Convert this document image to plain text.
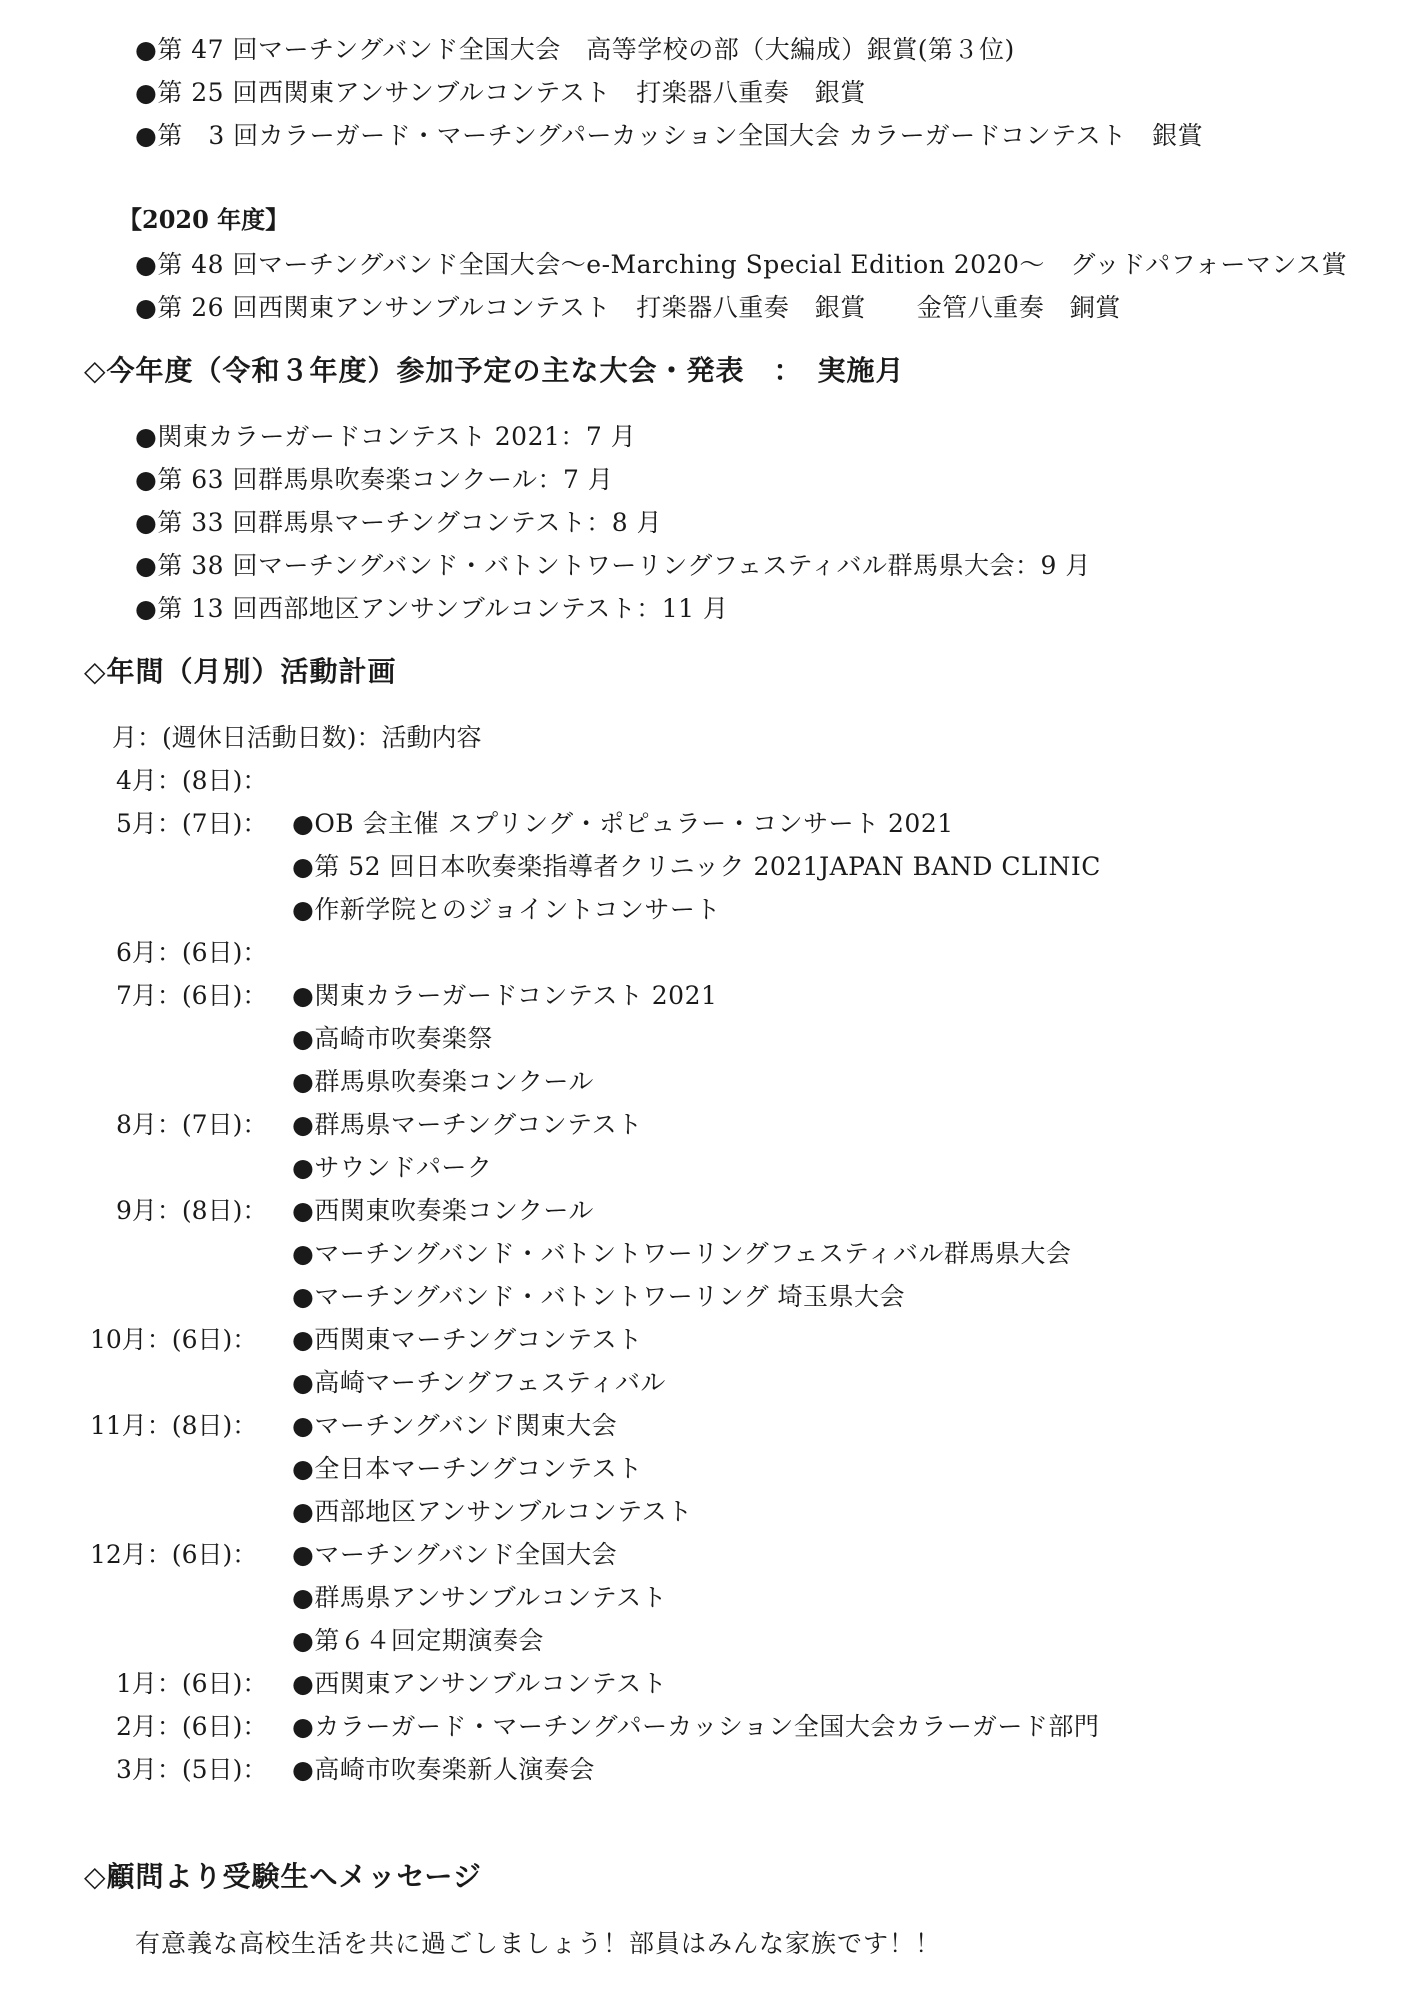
●第 47 回マーチングバンド全国大会　高等学校の部（大編成）銀賞(第３位)
●第 25 回西関東アンサンブルコンテスト　打楽器八重奏　銀賞
●第　3 回カラーガード・マーチングパーカッション全国大会 カラーガードコンテスト　銀賞
【2020 年度】
●第 48 回マーチングバンド全国大会〜e-Marching Special Edition 2020〜　グッドパフォーマンス賞
●第 26 回西関東アンサンブルコンテスト　打楽器八重奏　銀賞　　金管八重奏　銅賞
◇今年度（令和３年度）参加予定の主な大会・発表　：　実施月
●関東カラーガードコンテスト 2021：7 月
●第 63 回群馬県吹奏楽コンクール：7 月
●第 33 回群馬県マーチングコンテスト：8 月
●第 38 回マーチングバンド・バトントワーリングフェスティバル群馬県大会：9 月
●第 13 回西部地区アンサンブルコンテスト：11 月
◇年間（月別）活動計画
月：(週休日活動日数)：活動内容
4月：(8日)：
5月：(7日)： ●OB 会主催 スプリング・ポピュラー・コンサート 2021
●第 52 回日本吹奏楽指導者クリニック 2021JAPAN BAND CLINIC
●作新学院とのジョイントコンサート
6月：(6日)：
7月：(6日)： ●関東カラーガードコンテスト 2021
●高崎市吹奏楽祭
●群馬県吹奏楽コンクール
8月：(7日)： ●群馬県マーチングコンテスト
●サウンドパーク
9月：(8日)： ●西関東吹奏楽コンクール
●マーチングバンド・バトントワーリングフェスティバル群馬県大会
●マーチングバンド・バトントワーリング 埼玉県大会
10月：(6日)： ●西関東マーチングコンテスト
●高崎マーチングフェスティバル
11月：(8日)： ●マーチングバンド関東大会
●全日本マーチングコンテスト
●西部地区アンサンブルコンテスト
12月：(6日)： ●マーチングバンド全国大会
●群馬県アンサンブルコンテスト
●第６４回定期演奏会
1月：(6日)： ●西関東アンサンブルコンテスト
2月：(6日)： ●カラーガード・マーチングパーカッション全国大会カラーガード部門
3月：(5日)： ●高崎市吹奏楽新人演奏会
◇顧問より受験生へメッセージ
有意義な高校生活を共に過ごしましょう！部員はみんな家族です！！
